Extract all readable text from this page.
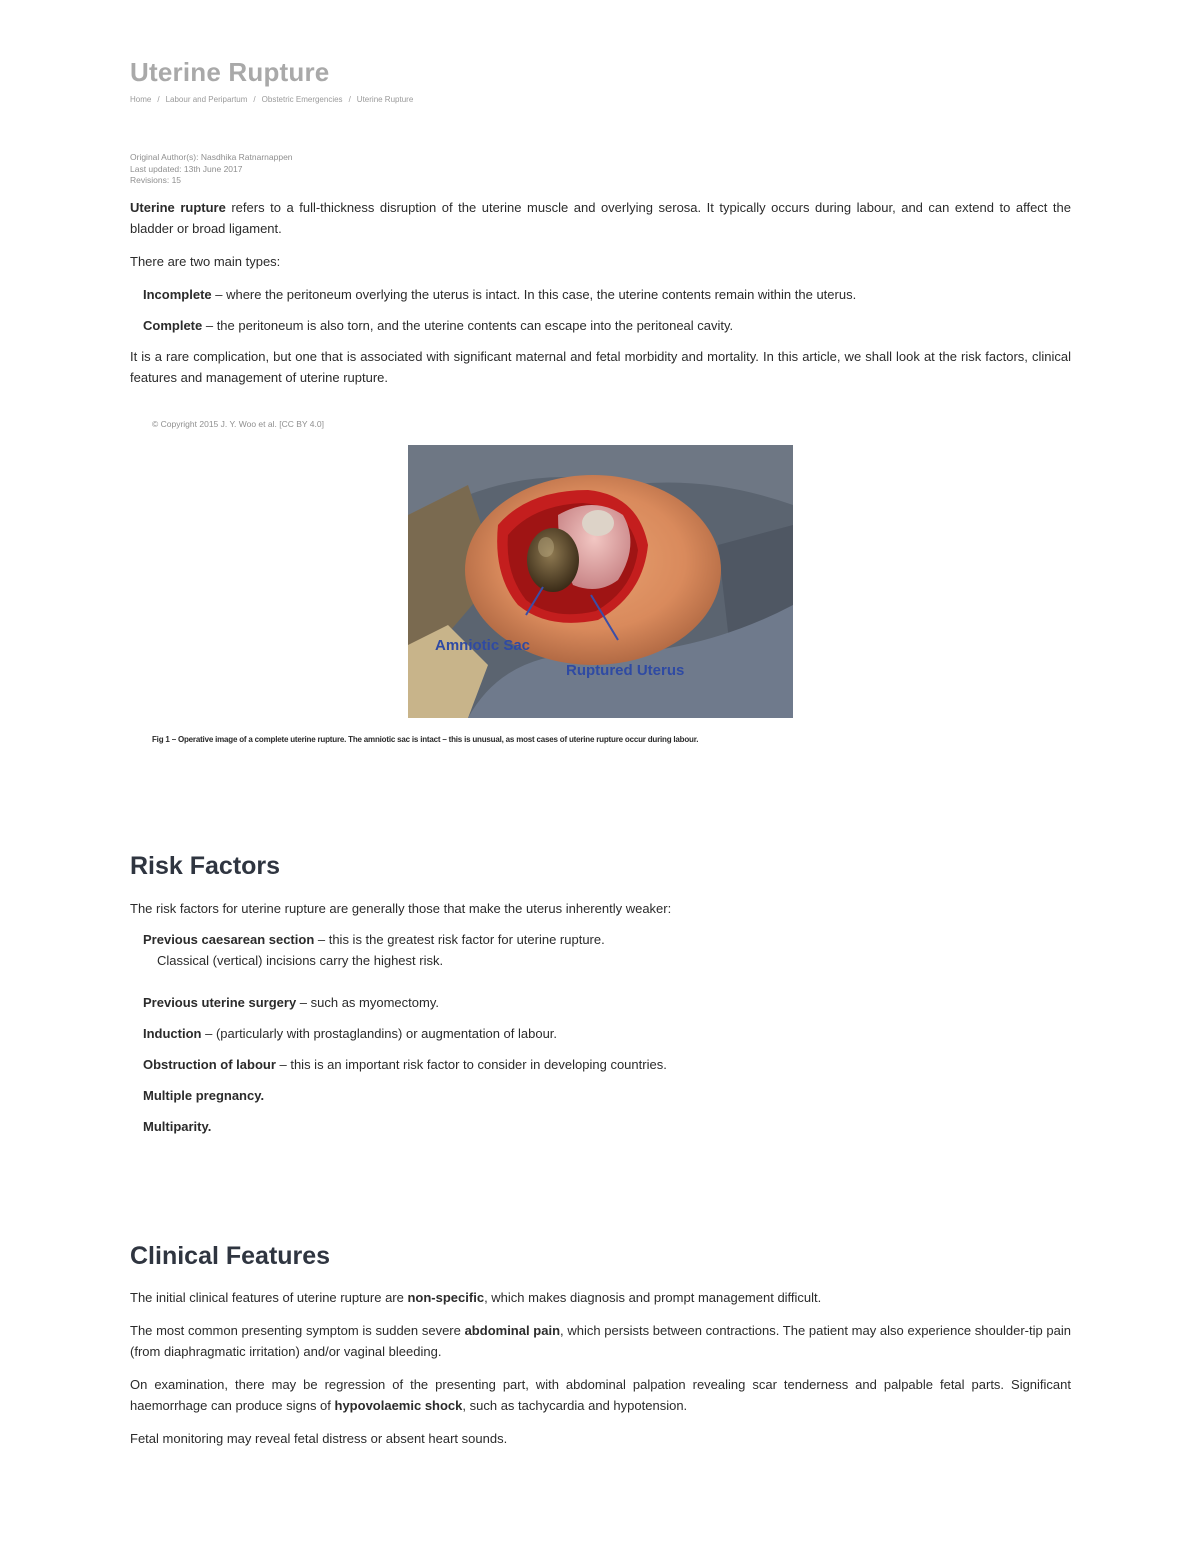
Uterine Rupture
Home / Labour and Peripartum / Obstetric Emergencies / Uterine Rupture
Original Author(s): Nasdhika Ratnarnappen
Last updated: 13th June 2017
Revisions: 15

Uterine rupture refers to a full-thickness disruption of the uterine muscle and overlying serosa. It typically occurs during labour, and can extend to affect the bladder or broad ligament.

There are two main types:

Incomplete – where the peritoneum overlying the uterus is intact. In this case, the uterine contents remain within the uterus.
Complete – the peritoneum is also torn, and the uterine contents can escape into the peritoneal cavity.

It is a rare complication, but one that is associated with significant maternal and fetal morbidity and mortality. In this article, we shall look at the risk factors, clinical features and management of uterine rupture.

© Copyright 2015 J. Y. Woo et al. [CC BY 4.0]
Amniotic Sac
Ruptured Uterus
Fig 1 – Operative image of a complete uterine rupture. The amniotic sac is intact – this is unusual, as most cases of uterine rupture occur during labour.
Risk Factors

The risk factors for uterine rupture are generally those that make the uterus inherently weaker:

Previous caesarean section – this is the greatest risk factor for uterine rupture.
Classical (vertical) incisions carry the highest risk.
Previous uterine surgery – such as myomectomy.
Induction – (particularly with prostaglandins) or augmentation of labour.
Obstruction of labour – this is an important risk factor to consider in developing countries.
Multiple pregnancy.
Multiparity.
Clinical Features

The initial clinical features of uterine rupture are non-specific, which makes diagnosis and prompt management difficult.

The most common presenting symptom is sudden severe abdominal pain, which persists between contractions. The patient may also experience shoulder-tip pain (from diaphragmatic irritation) and/or vaginal bleeding.

On examination, there may be regression of the presenting part, with abdominal palpation revealing scar tenderness and palpable fetal parts. Significant haemorrhage can produce signs of hypovolaemic shock, such as tachycardia and hypotension.

Fetal monitoring may reveal fetal distress or absent heart sounds.
